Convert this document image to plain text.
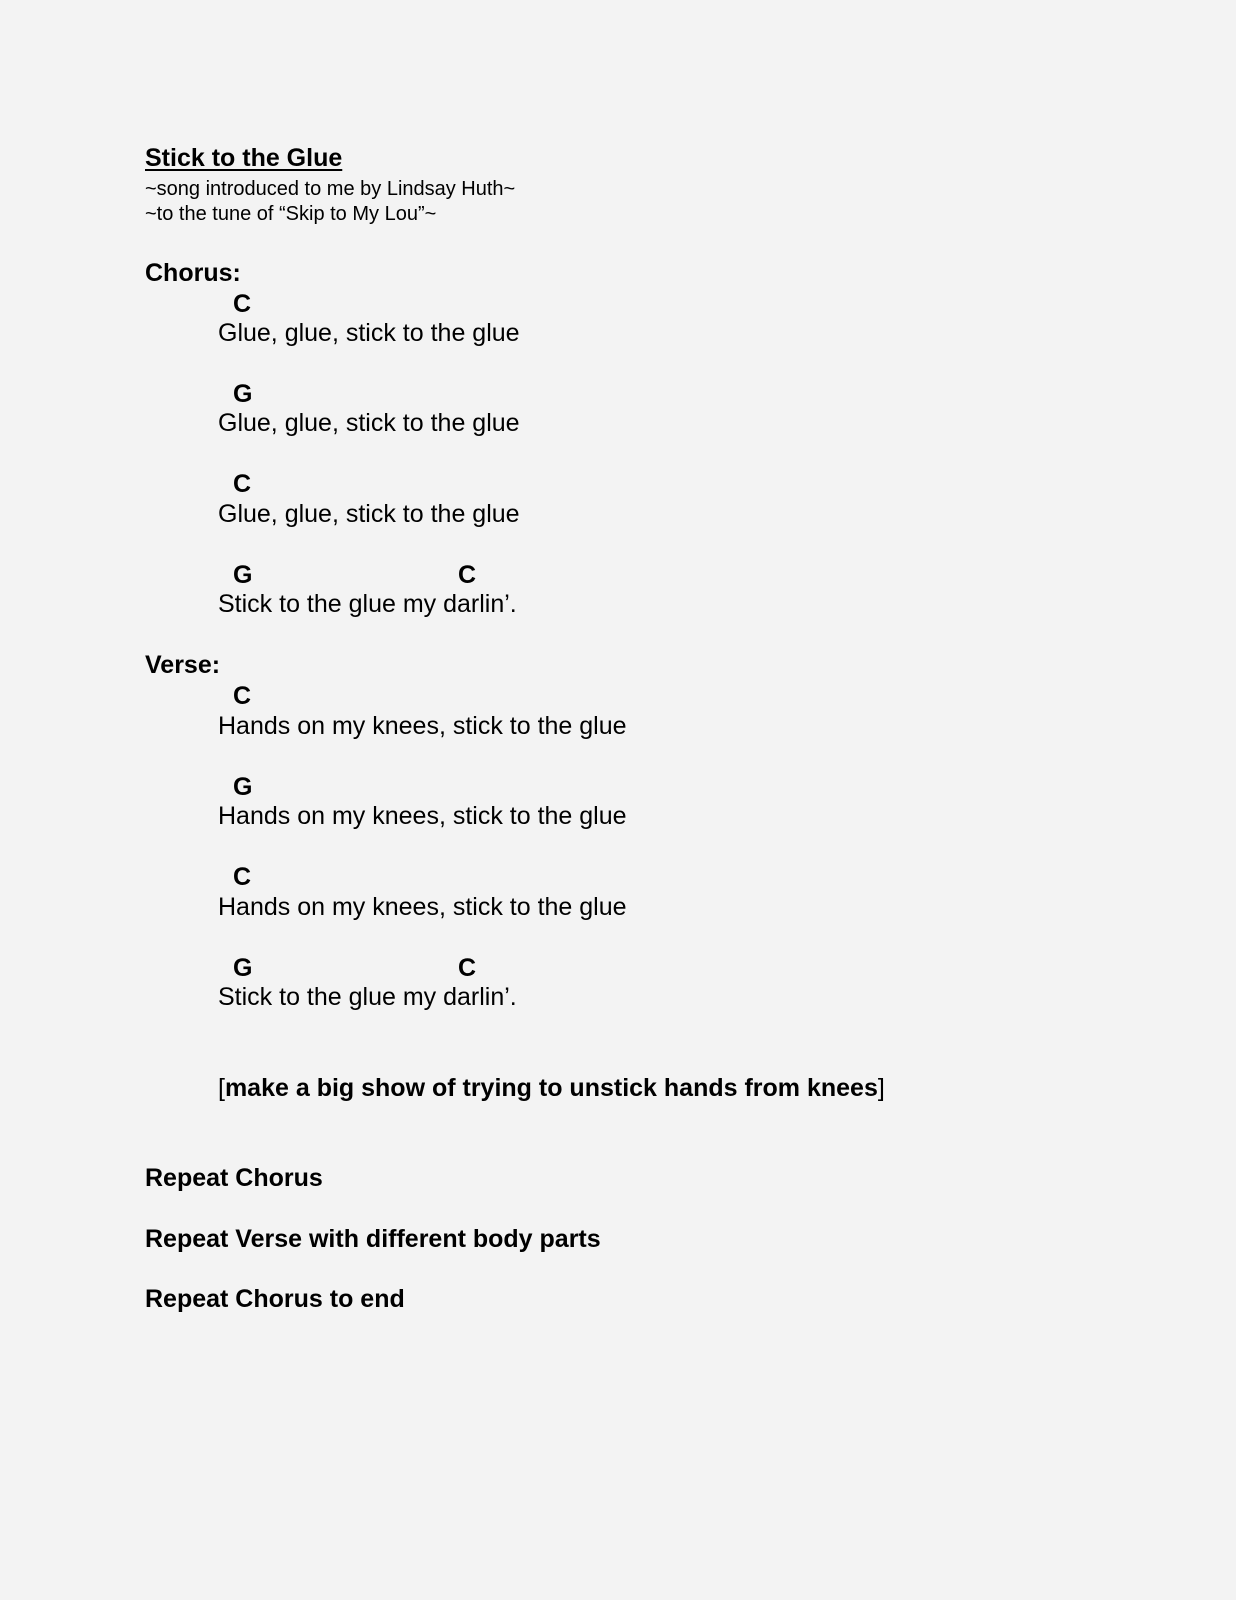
Stick to the Glue
~song introduced to me by Lindsay Huth~
~to the tune of “Skip to My Lou”~
Chorus:
C
Glue, glue, stick to the glue
G
Glue, glue, stick to the glue
C
Glue, glue, stick to the glue
G	C
Stick to the glue my darlin’.
Verse:
C
Hands on my knees, stick to the glue
G
Hands on my knees, stick to the glue
C
Hands on my knees, stick to the glue
G	C
Stick to the glue my darlin’.
[make a big show of trying to unstick hands from knees]
Repeat Chorus
Repeat Verse with different body parts
Repeat Chorus to end
